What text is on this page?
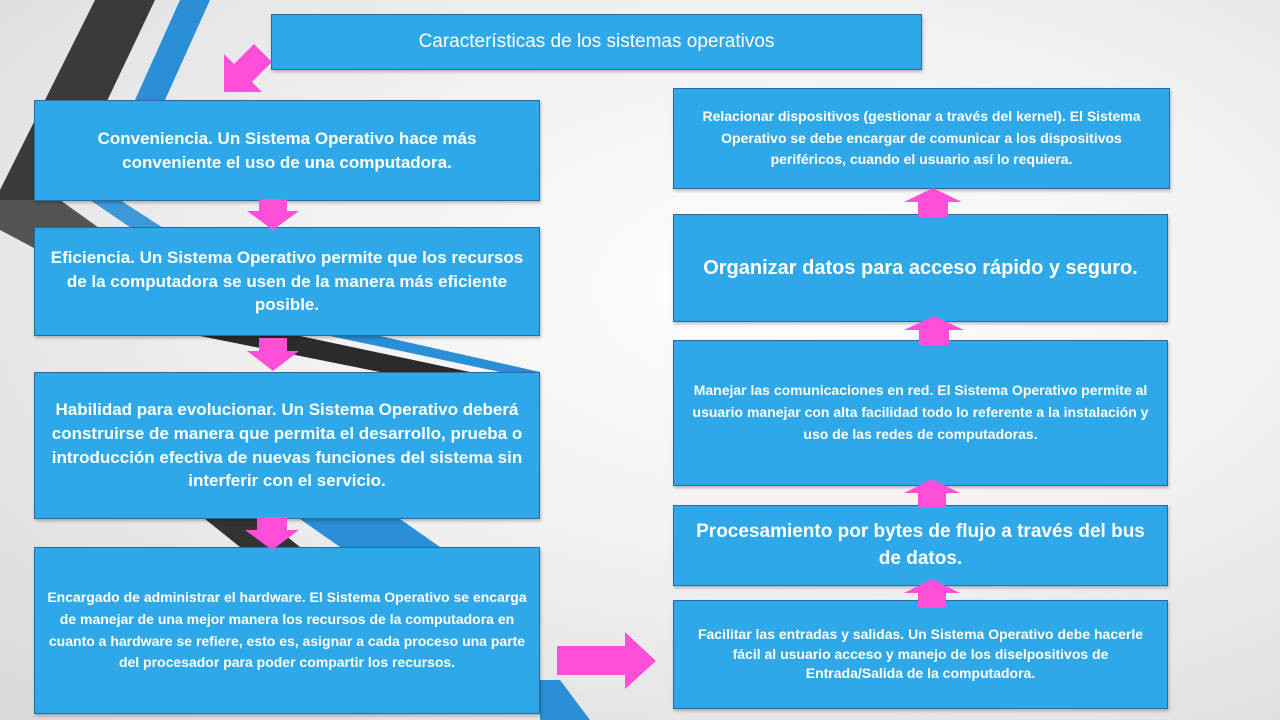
Características de los sistemas operativos
Conveniencia. Un Sistema Operativo hace más conveniente el uso de una computadora.
Eficiencia. Un Sistema Operativo permite que los recursos de la computadora se usen de la manera más eficiente posible.
Habilidad para evolucionar. Un Sistema Operativo deberá construirse de manera que permita el desarrollo, prueba o introducción efectiva de nuevas funciones del sistema sin interferir con el servicio.
Encargado de administrar el hardware. El Sistema Operativo se encarga de manejar de una mejor manera los recursos de la computadora en cuanto a hardware se refiere, esto es, asignar a cada proceso una parte del procesador para poder compartir los recursos.
Facilitar las entradas y salidas. Un Sistema Operativo debe hacerle fácil al usuario acceso y manejo de los diselpositivos de Entrada/Salida de la computadora.
Procesamiento por bytes de flujo a través del bus de datos.
Manejar las comunicaciones en red. El Sistema Operativo permite al usuario manejar con alta facilidad todo lo referente a la instalación y uso de las redes de computadoras.
Organizar datos para acceso rápido y seguro.
Relacionar dispositivos (gestionar a través del kernel). El Sistema Operativo se debe encargar de comunicar a los dispositivos periféricos, cuando el usuario así lo requiera.
